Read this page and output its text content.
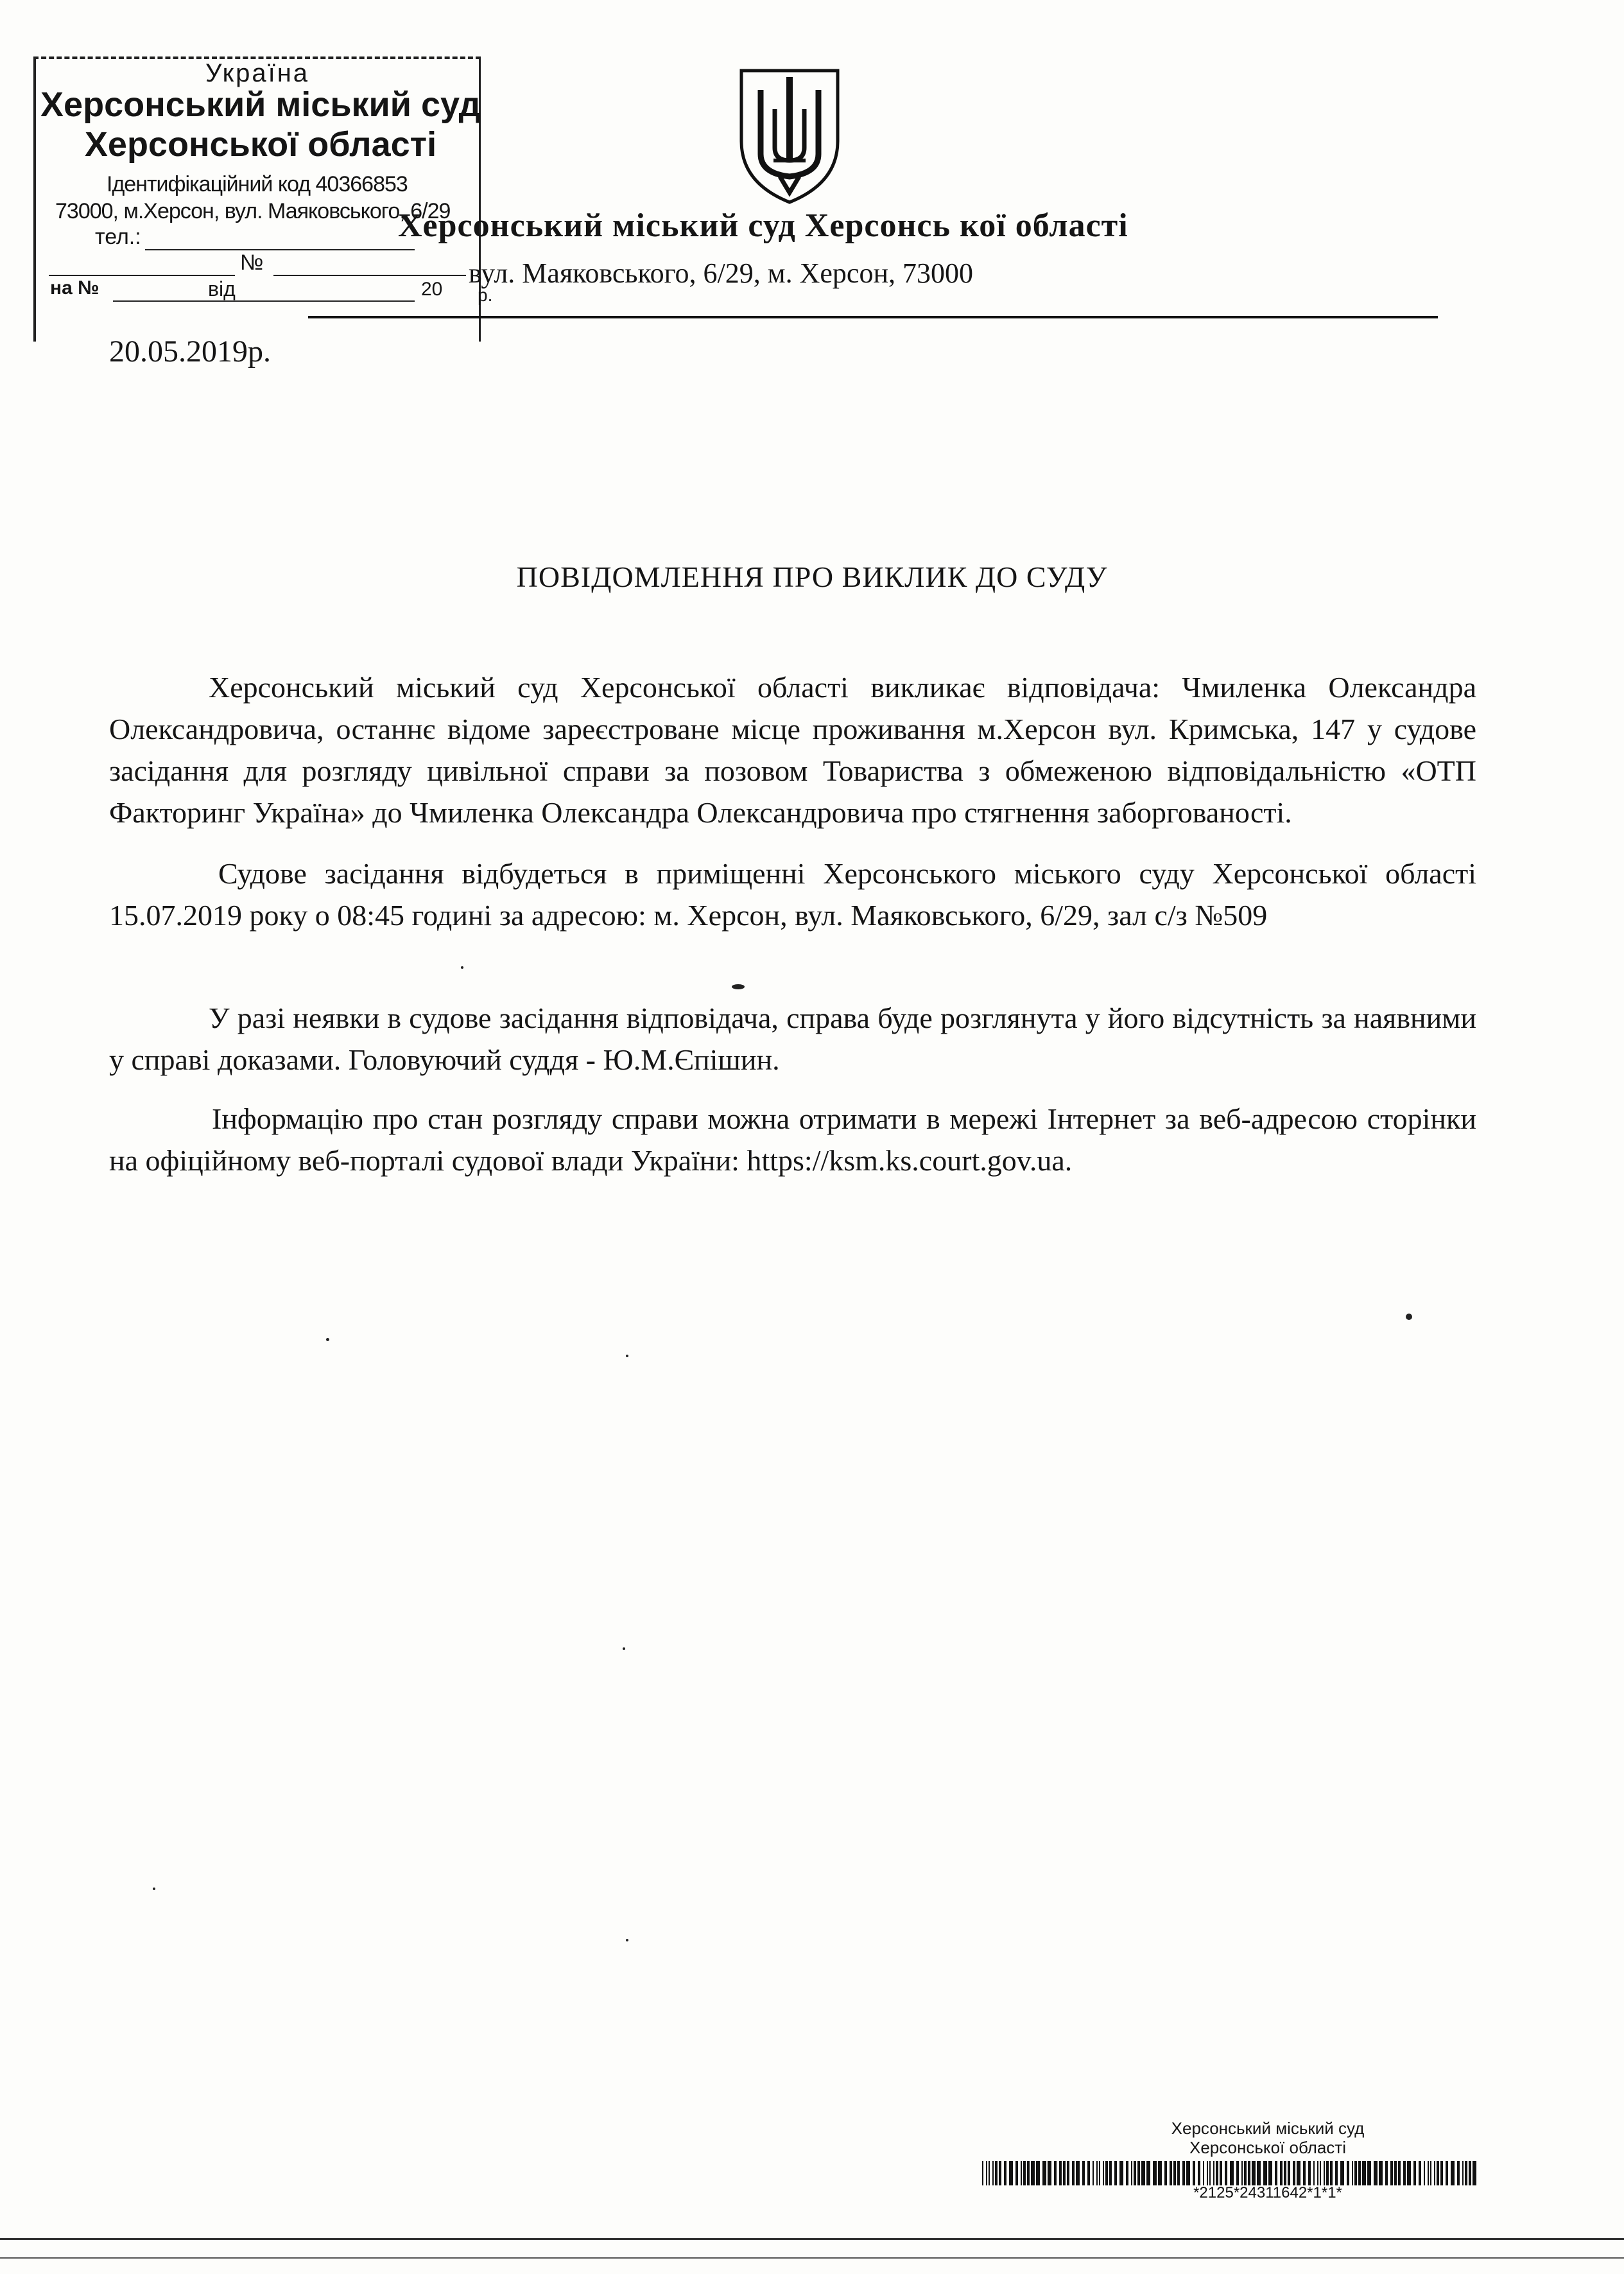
Україна
Херсонський міський суд
Херсонської області
Ідентифікаційний код 40366853
73000, м.Херсон, вул. Маяковського, 6/29
тел.:
№
на №	від	20 р.
Херсонський міський суд Херсонсь кої області
вул. Маяковського, 6/29, м. Херсон, 73000
20.05.2019р.
ПОВІДОМЛЕННЯ ПРО ВИКЛИК ДО СУДУ
Херсонський міський суд Херсонської області викликає відповідача: Чмиленка Олександра Олександровича, останнє відоме зареєстроване місце проживання м.Херсон вул. Кримська, 147 у судове засідання для розгляду цивільної справи за позовом Товариства з обмеженою відповідальністю «ОТП Факторинг Україна» до Чмиленка Олександра Олександровича про стягнення заборгованості.
Судове засідання відбудеться в приміщенні Херсонського міського суду Херсонської області 15.07.2019 року о 08:45 годині за адресою: м. Херсон, вул. Маяковського, 6/29, зал с/з №509
У разі неявки в судове засідання відповідача, справа буде розглянута у його відсутність за наявними у справі доказами. Головуючий суддя - Ю.М.Єпішин.
Інформацію про стан розгляду справи можна отримати в мережі Інтернет за веб-адресою сторінки на офіційному веб-порталі судової влади України: https://ksm.ks.court.gov.ua.
Херсонський міський суд
Херсонської області
*2125*24311642*1*1*
